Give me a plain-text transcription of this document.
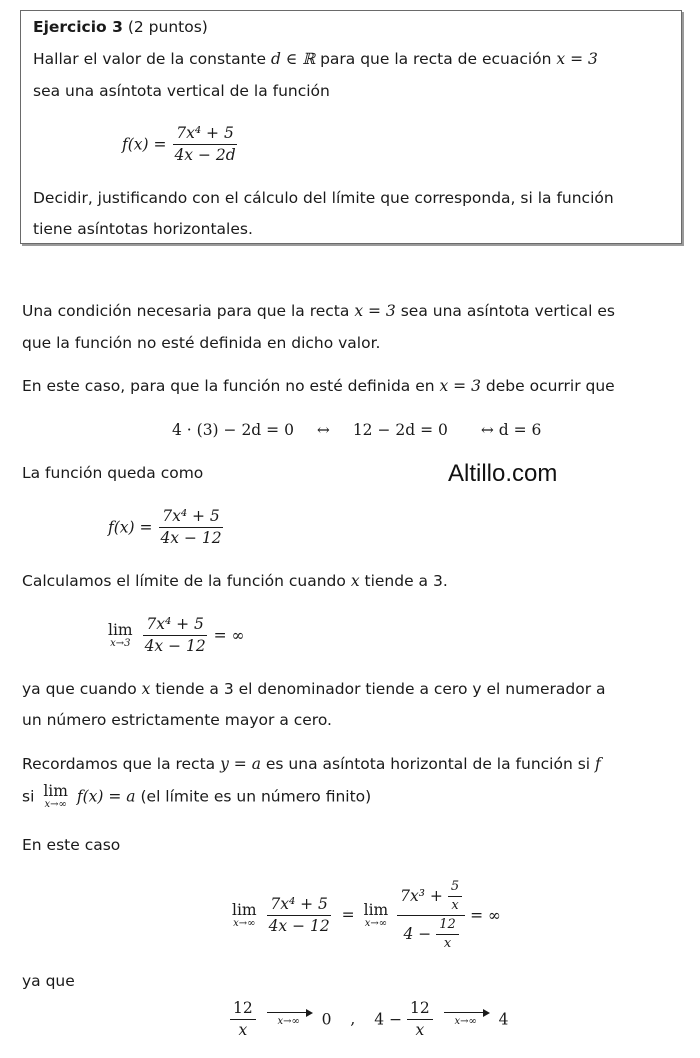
Ejercicio 3 (2 puntos)
Hallar el valor de la constante d ∈ ℝ para que la recta de ecuación x = 3
sea una asíntota vertical de la función
$f(x) = \frac{\text{7x⁴ + 5}}{4x - 2d}$
Decidir, justificando con el cálculo del límite que corresponda, si la función
tiene asíntotas horizontales.
Una condición necesaria para que la recta x = 3 sea una asíntota vertical es
que la función no esté definida en dicho valor.
En este caso, para que la función no esté definida en x = 3 debe ocurrir que
4 · (3) − 2d = 0 ↔ 12 − 2d = 0 ↔ d = 6
La función queda como	Altillo.com
$f(x) = \frac{\text{7x⁴ + 5}}{4x - 12}$
Calculamos el límite de la función cuando x tiende a 3.
lim
x→3
$\frac{\text{7x⁴ + 5}}{4x - 12}$ = ∞
ya que cuando x tiende a 3 el denominador tiende a cero y el numerador a
un número estrictamente mayor a cero.
Recordamos que la recta y = a es una asíntota horizontal de la función si f
si lim
x→∞ f(x) = a (el límite es un número finito)
En este caso
lim
x→∞
$\frac{\text{7x⁴ + 5}}{4x - 12} = \lim$
x→∞
$\frac{7x^3 + \frac{5}{x}}{4 - \frac{12}{x}}$ = ∞
ya que
$\frac{12}{x}$
x→∞ 0 , $4 - \frac{12}{x}$
x→∞ 4
